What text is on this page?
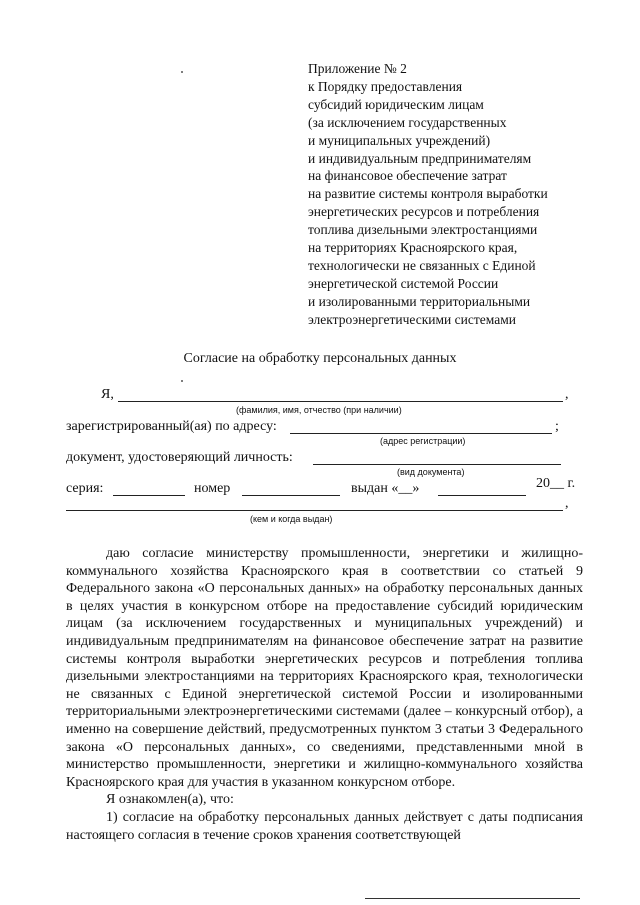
Приложение № 2
к Порядку предоставления
субсидий юридическим лицам
(за исключением государственных
и муниципальных учреждений)
и индивидуальным предпринимателям
на финансовое обеспечение затрат
на развитие системы контроля выработки
энергетических ресурсов и потребления
топлива дизельными электростанциями
на территориях Красноярского края,
технологически не связанных с Единой
энергетической системой России
и изолированными территориальными
электроэнергетическими системами
Согласие на обработку персональных данных
Я,	,
(фамилия, имя, отчество (при наличии)
зарегистрированный(ая) по адресу:	;
(адрес регистрации)
документ, удостоверяющий личность:
(вид документа)
серия:	номер	выдан «__»	20__ г.
,
(кем и когда выдан)

даю согласие министерству промышленности, энергетики и жилищно-коммунального хозяйства Красноярского края в соответствии со статьей 9 Федерального закона «О персональных данных» на обработку персональных данных в целях участия в конкурсном отборе на предоставление субсидий юридическим лицам (за исключением государственных и муниципальных учреждений) и индивидуальным предпринимателям на финансовое обеспечение затрат на развитие системы контроля выработки энергетических ресурсов и потребления топлива дизельными электростанциями на территориях Красноярского края, технологически не связанных с Единой энергетической системой России и изолированными территориальными электроэнергетическими системами (далее – конкурсный отбор), а именно на совершение действий, предусмотренных пунктом 3 статьи 3 Федерального закона «О персональных данных», со сведениями, представленными мной в министерство промышленности, энергетики и жилищно-коммунального хозяйства Красноярского края для участия в указанном конкурсном отборе.

Я ознакомлен(а), что:

1) согласие на обработку персональных данных действует с даты подписания настоящего согласия в течение сроков хранения соответствующей
